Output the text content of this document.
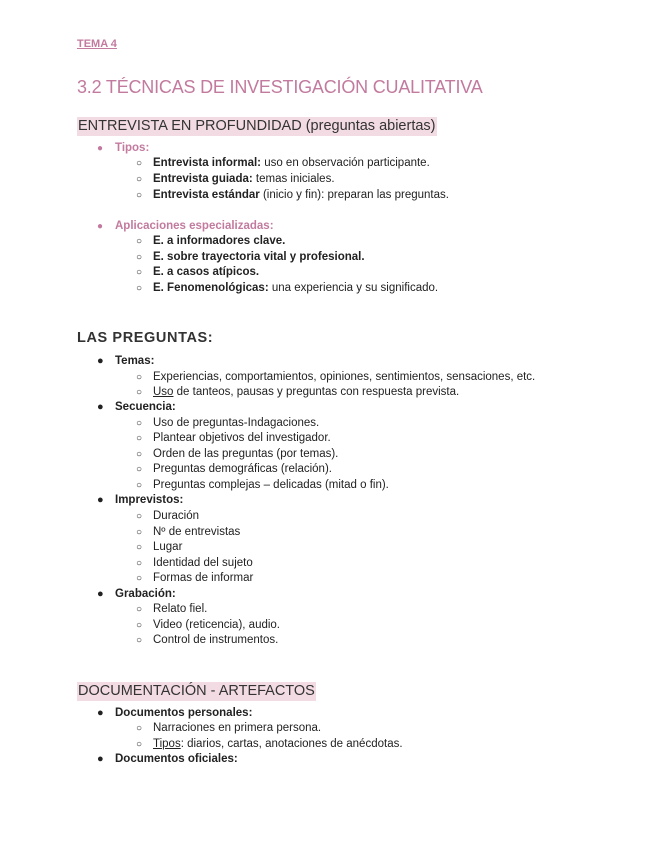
TEMA 4
3.2 TÉCNICAS DE INVESTIGACIÓN CUALITATIVA
ENTREVISTA EN PROFUNDIDAD (preguntas abiertas)
● Tipos:
○ Entrevista informal: uso en observación participante.
○ Entrevista guiada: temas iniciales.
○ Entrevista estándar (inicio y fin): preparan las preguntas.
● Aplicaciones especializadas:
○ E. a informadores clave.
○ E. sobre trayectoria vital y profesional.
○ E. a casos atípicos.
○ E. Fenomenológicas: una experiencia y su significado.
LAS PREGUNTAS:
● Temas:
○ Experiencias, comportamientos, opiniones, sentimientos, sensaciones, etc.
○ Uso de tanteos, pausas y preguntas con respuesta prevista.
● Secuencia:
○ Uso de preguntas-Indagaciones.
○ Plantear objetivos del investigador.
○ Orden de las preguntas (por temas).
○ Preguntas demográficas (relación).
○ Preguntas complejas – delicadas (mitad o fin).
● Imprevistos:
○ Duración
○ Nº de entrevistas
○ Lugar
○ Identidad del sujeto
○ Formas de informar
● Grabación:
○ Relato fiel.
○ Video (reticencia), audio.
○ Control de instrumentos.
DOCUMENTACIÓN - ARTEFACTOS
● Documentos personales:
○ Narraciones en primera persona.
○ Tipos: diarios, cartas, anotaciones de anécdotas.
● Documentos oficiales:
